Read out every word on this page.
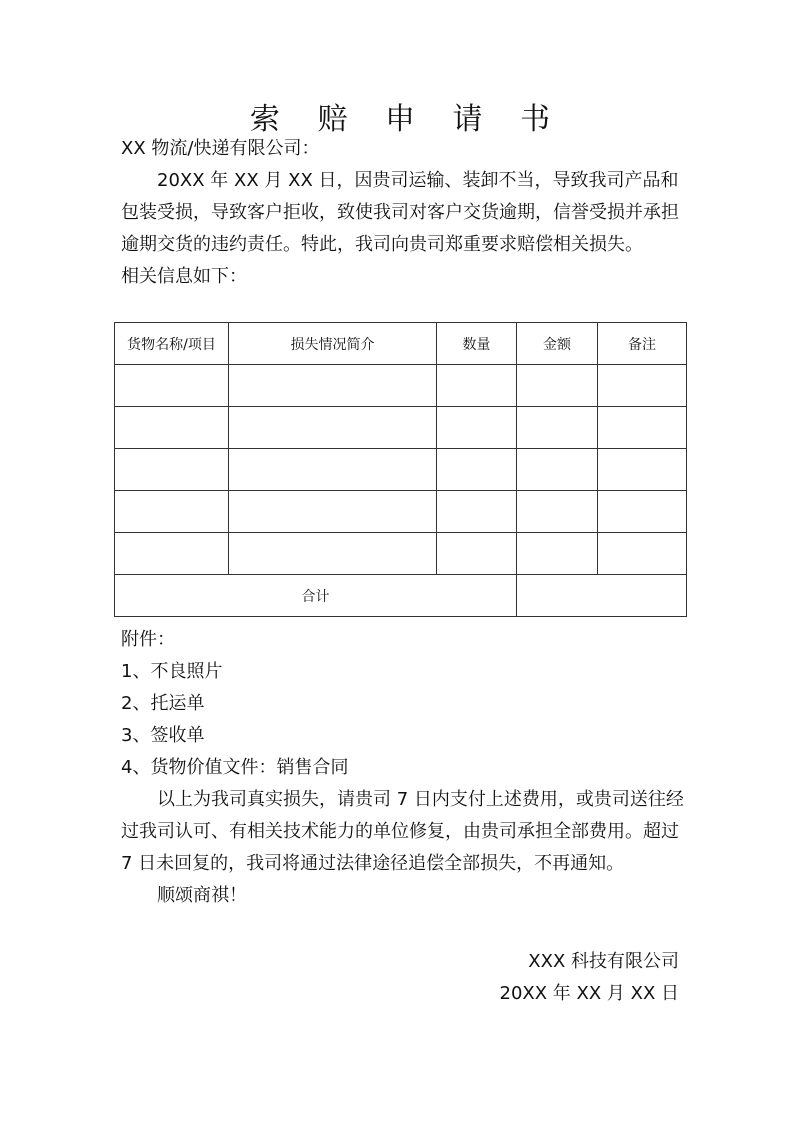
索 赔 申 请 书

XX 物流/快递有限公司：

20XX 年 XX 月 XX 日，因贵司运输、装卸不当，导致我司产品和包装受损，导致客户拒收，致使我司对客户交货逾期，信誉受损并承担逾期交货的违约责任。特此，我司向贵司郑重要求赔偿相关损失。

相关信息如下：

货物名称/项目	损失情况简介	数量	金额	备注

合计				

附件：

1、不良照片

2、托运单

3、签收单

4、货物价值文件：销售合同

以上为我司真实损失，请贵司 7 日内支付上述费用，或贵司送往经过我司认可、有相关技术能力的单位修复，由贵司承担全部费用。超过 7 日未回复的，我司将通过法律途径追偿全部损失，不再通知。

顺颂商祺！

XXX 科技有限公司

20XX 年 XX 月 XX 日
